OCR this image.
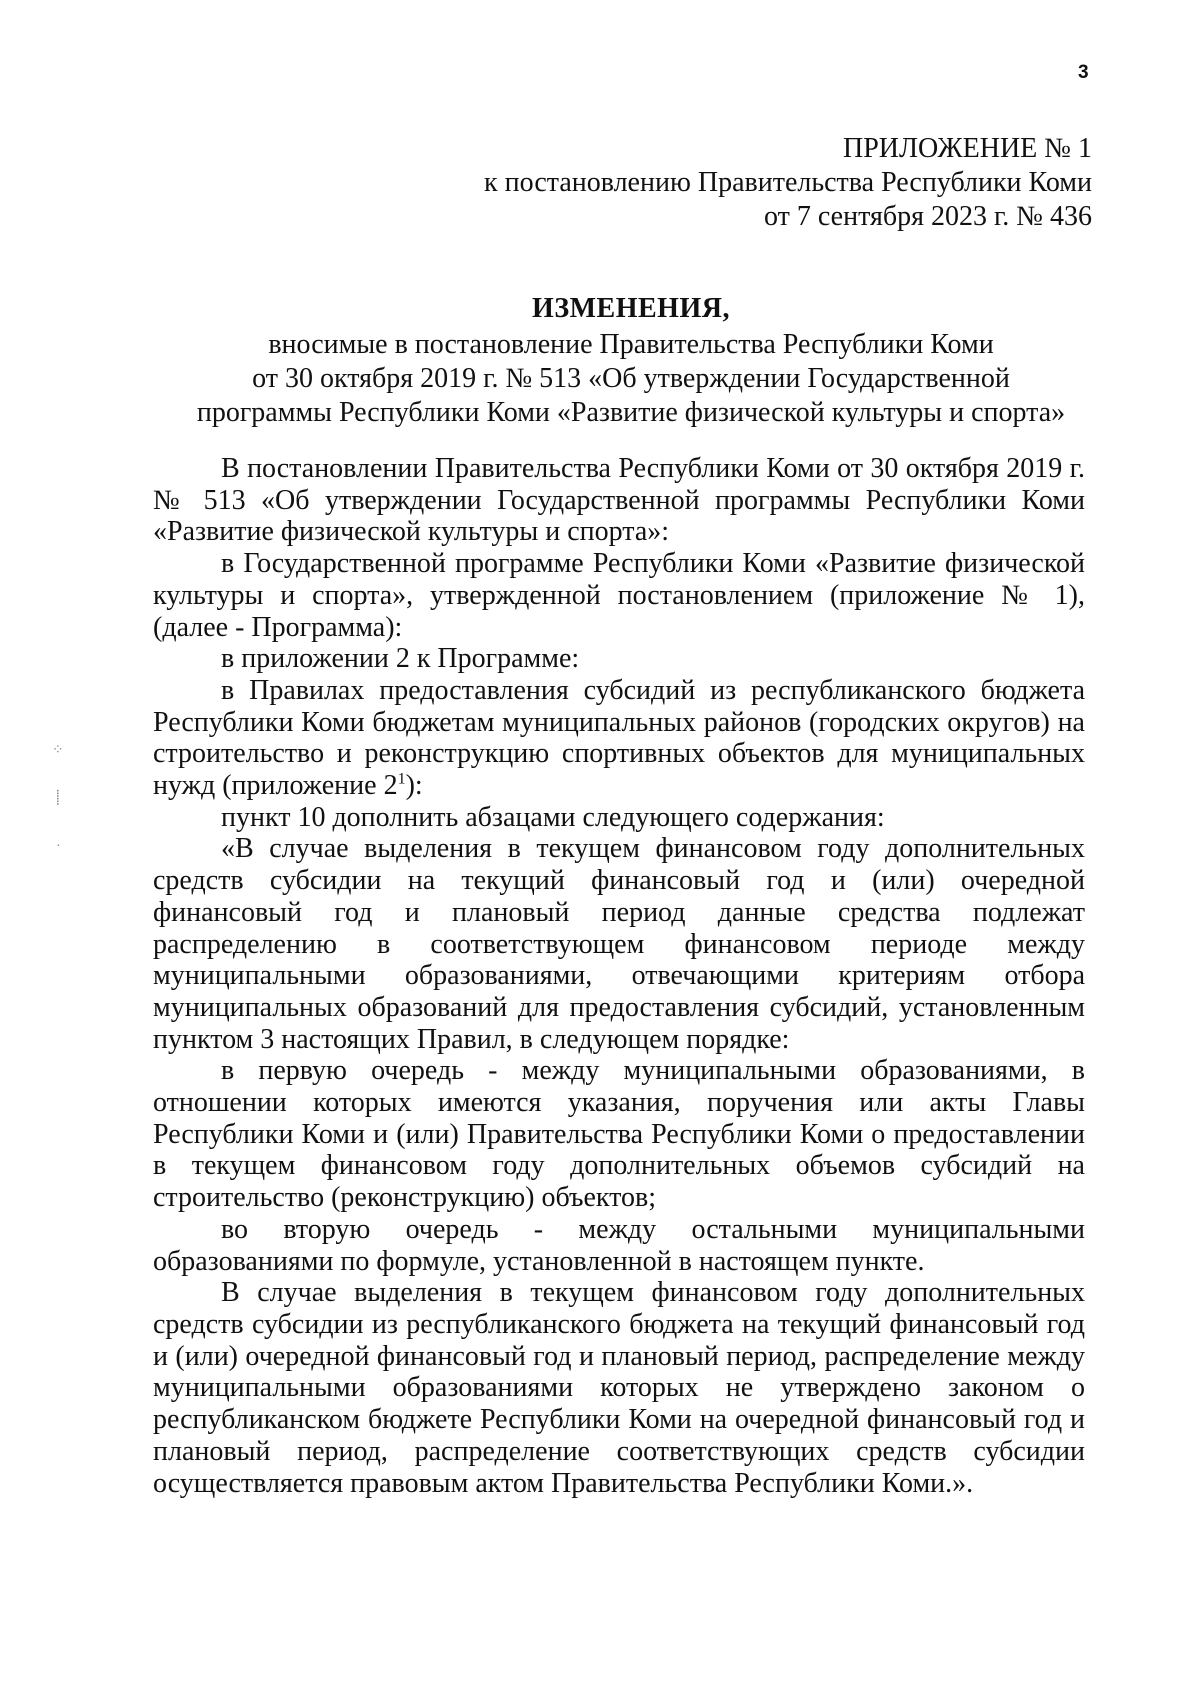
3
ПРИЛОЖЕНИЕ № 1
к постановлению Правительства Республики Коми
от 7 сентября 2023 г. № 436
ИЗМЕНЕНИЯ,
вносимые в постановление Правительства Республики Коми
от 30 октября 2019 г. № 513 «Об утверждении Государственной
программы Республики Коми «Развитие физической культуры и спорта»

В постановлении Правительства Республики Коми от 30 октября 2019 г. № 513 «Об утверждении Государственной программы Республики Коми «Развитие физической культуры и спорта»:

в Государственной программе Республики Коми «Развитие физической культуры и спорта», утвержденной постановлением (приложение № 1), (далее - Программа):

в приложении 2 к Программе:

в Правилах предоставления субсидий из республиканского бюджета Республики Коми бюджетам муниципальных районов (городских округов) на строительство и реконструкцию спортивных объектов для муниципальных нужд (приложение $2^1$):

пункт 10 дополнить абзацами следующего содержания:

«В случае выделения в текущем финансовом году дополнительных средств субсидии на текущий финансовый год и (или) очередной финансовый год и плановый период данные средства подлежат распределению в соответствующем финансовом периоде между муниципальными образованиями, отвечающими критериям отбора муниципальных образований для предоставления субсидий, установленным пунктом 3 настоящих Правил, в следующем порядке:

в первую очередь - между муниципальными образованиями, в отношении которых имеются указания, поручения или акты Главы Республики Коми и (или) Правительства Республики Коми о предоставлении в текущем финансовом году дополнительных объемов субсидий на строительство (реконструкцию) объектов;

во вторую очередь - между остальными муниципальными образованиями по формуле, установленной в настоящем пункте.

В случае выделения в текущем финансовом году дополнительных средств субсидии из республиканского бюджета на текущий финансовый год и (или) очередной финансовый год и плановый период, распределение между муниципальными образованиями которых не утверждено законом о республиканском бюджете Республики Коми на очередной финансовый год и плановый период, распределение соответствующих средств субсидии осуществляется правовым актом Правительства Республики Коми.».

⁘
⸽
·
